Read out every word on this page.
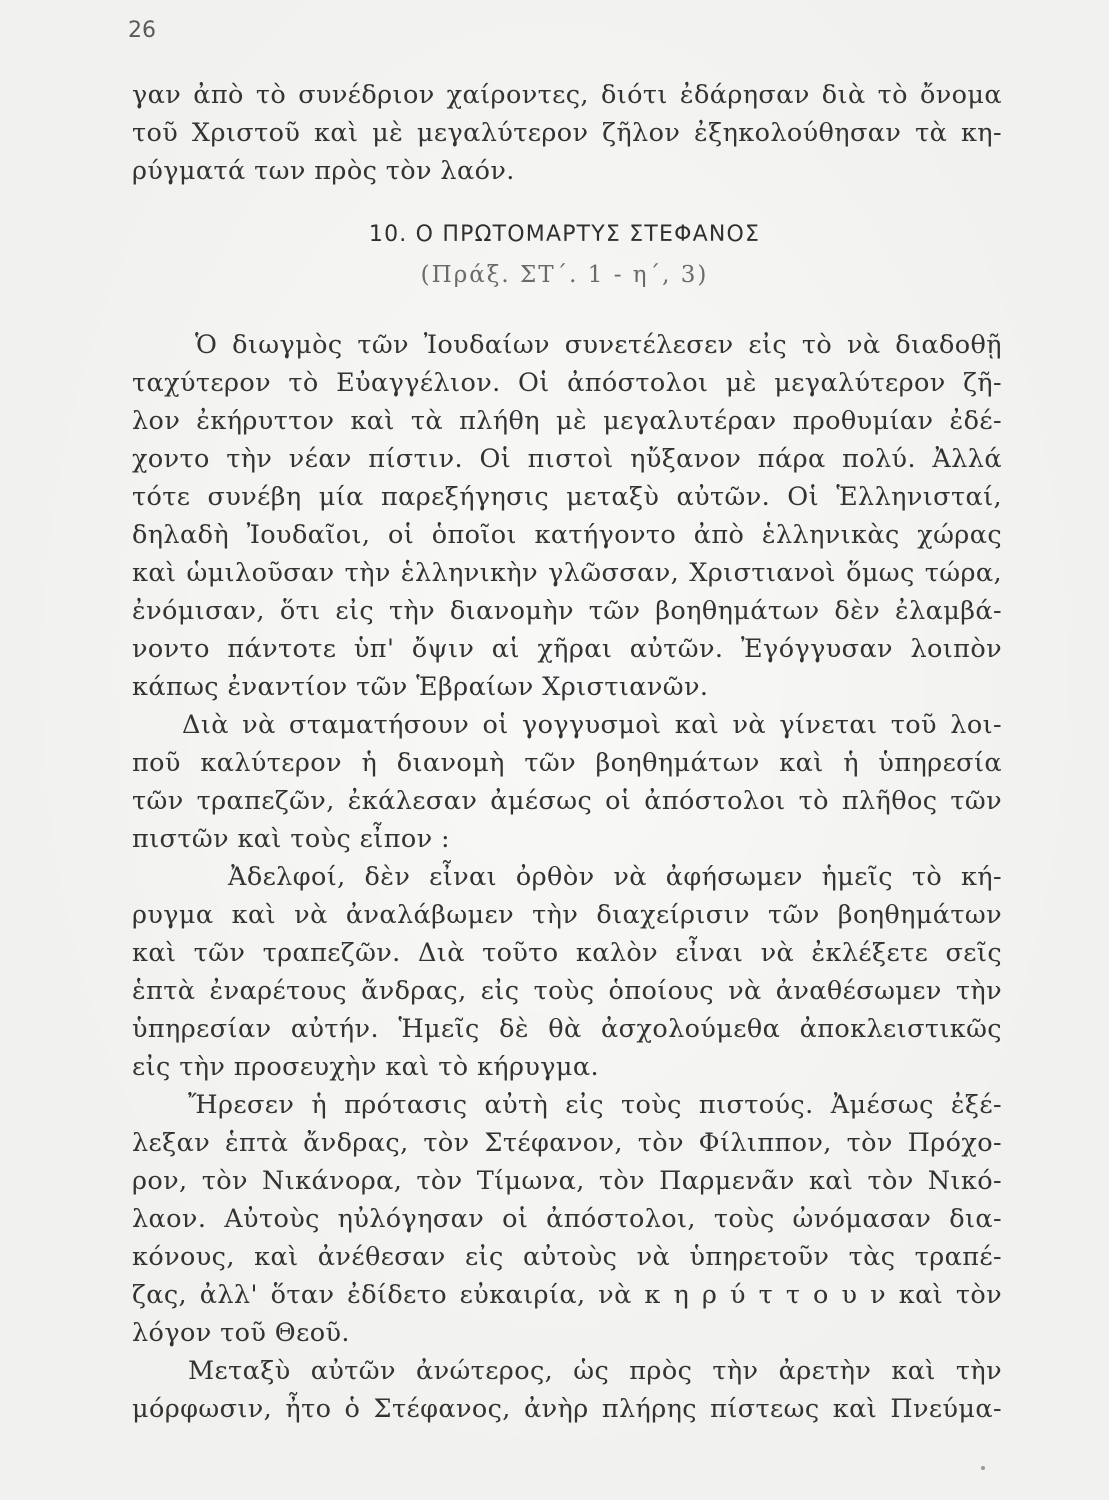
26
γαν ἀπὸ τὸ συνέδριον χαίροντες, διότι ἐδάρησαν διὰ τὸ ὄνομα
τοῦ Χριστοῦ καὶ μὲ μεγαλύτερον ζῆλον ἐξηκολούθησαν τὰ κη-
ρύγματά των πρὸς τὸν λαόν.
10. Ο ΠΡΩΤΟΜΑΡΤΥΣ ΣΤΕΦΑΝΟΣ
(Πράξ. ΣΤ΄. 1 - η΄, 3)
Ὁ διωγμὸς τῶν Ἰουδαίων συνετέλεσεν εἰς τὸ νὰ διαδοθῇ
ταχύτερον τὸ Εὐαγγέλιον. Οἱ ἀπόστολοι μὲ μεγαλύτερον ζῆ-
λον ἐκήρυττον καὶ τὰ πλήθη μὲ μεγαλυτέραν προθυμίαν ἐδέ-
χοντο τὴν νέαν πίστιν. Οἱ πιστοὶ ηὔξανον πάρα πολύ. Ἀλλά
τότε συνέβη μία παρεξήγησις μεταξὺ αὐτῶν. Οἱ Ἑλληνισταί,
δηλαδὴ Ἰουδαῖοι, οἱ ὁποῖοι κατήγοντο ἀπὸ ἑλληνικὰς χώρας
καὶ ὡμιλοῦσαν τὴν ἑλληνικὴν γλῶσσαν, Χριστιανοὶ ὅμως τώρα,
ἐνόμισαν, ὅτι εἰς τὴν διανομὴν τῶν βοηθημάτων δὲν ἐλαμβά-
νοντο πάντοτε ὑπ' ὄψιν αἱ χῆραι αὐτῶν. Ἐγόγγυσαν λοιπὸν
κάπως ἐναντίον τῶν Ἑβραίων Χριστιανῶν.
Διὰ νὰ σταματήσουν οἱ γογγυσμοὶ καὶ νὰ γίνεται τοῦ λοι-
ποῦ καλύτερον ἡ διανομὴ τῶν βοηθημάτων καὶ ἡ ὑπηρεσία
τῶν τραπεζῶν, ἐκάλεσαν ἀμέσως οἱ ἀπόστολοι τὸ πλῆθος τῶν
πιστῶν καὶ τοὺς εἶπον :
Ἀδελφοί, δὲν εἶναι ὀρθὸν νὰ ἀφήσωμεν ἡμεῖς τὸ κή-
ρυγμα καὶ νὰ ἀναλάβωμεν τὴν διαχείρισιν τῶν βοηθημάτων
καὶ τῶν τραπεζῶν. Διὰ τοῦτο καλὸν εἶναι νὰ ἐκλέξετε σεῖς
ἑπτὰ ἐναρέτους ἄνδρας, εἰς τοὺς ὁποίους νὰ ἀναθέσωμεν τὴν
ὑπηρεσίαν αὐτήν. Ἡμεῖς δὲ θὰ ἀσχολούμεθα ἀποκλειστικῶς
εἰς τὴν προσευχὴν καὶ τὸ κήρυγμα.
Ἤρεσεν ἡ πρότασις αὐτὴ εἰς τοὺς πιστούς. Ἀμέσως ἐξέ-
λεξαν ἑπτὰ ἄνδρας, τὸν Στέφανον, τὸν Φίλιππον, τὸν Πρόχο-
ρον, τὸν Νικάνορα, τὸν Τίμωνα, τὸν Παρμενᾶν καὶ τὸν Νικό-
λαον. Αὐτοὺς ηὐλόγησαν οἱ ἀπόστολοι, τοὺς ὠνόμασαν δια-
κόνους, καὶ ἀνέθεσαν εἰς αὐτοὺς νὰ ὑπηρετοῦν τὰς τραπέ-
ζας, ἀλλ' ὅταν ἐδίδετο εὐκαιρία, νὰ κ η ρ ύ τ τ ο υ ν καὶ τὸν
λόγον τοῦ Θεοῦ.
Μεταξὺ αὐτῶν ἀνώτερος, ὡς πρὸς τὴν ἀρετὴν καὶ τὴν
μόρφωσιν, ἦτο ὁ Στέφανος, ἀνὴρ πλήρης πίστεως καὶ Πνεύμα-
